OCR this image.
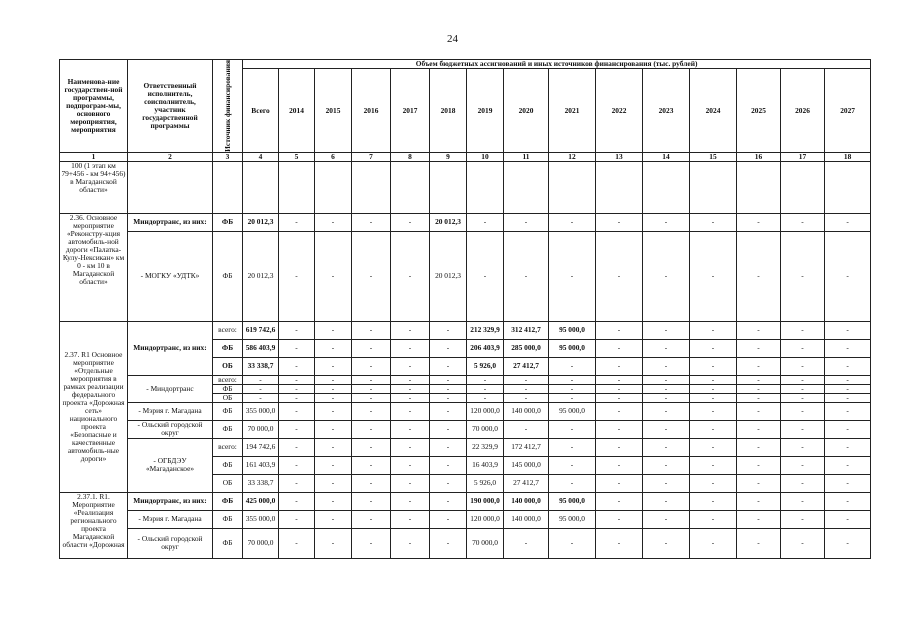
24
Наименова-ние государствен-ной программы, подпрограм-мы, основного мероприятия, мероприятия	Ответственный исполнитель, соисполнитель, участник государственной программы	Источник финансирования	Объем бюджетных ассигнований и иных источников финансирования (тыс. рублей)														
			Всего	2014	2015	2016	2017	2018	2019	2020	2021	2022	2023	2024	2025	2026	2027
1	2	3	4	5	6	7	8	9	10	11	12	13	14	15	16	17	18
100 (1 этап км 79+456 - км 94+456) в Магаданской области»																	
2.36. Основное мероприятие «Реконстру-кция автомобиль-ной дороги «Палатка-Кулу-Нексикан» км 0 - км 10 в Магаданской области»	Миндортранс, из них:	ФБ	20 012,3	-	-	-	-	20 012,3	-	-	-	-	-	-	-	-	-
	- МОГКУ «УДТК»	ФБ	20 012,3	-	-	-	-	20 012,3	-	-	-	-	-	-	-	-	-
2.37. R1 Основное мероприятие «Отдельные мероприятия в рамках реализации федерального проекта «Дорожная сеть» национального проекта «Безопасные и качественные автомобиль-ные дороги»	Миндортранс, из них:	всего:	619 742,6	-	-	-	-	-	212 329,9	312 412,7	95 000,0	-	-	-	-	-	-
		ФБ	586 403,9	-	-	-	-	-	206 403,9	285 000,0	95 000,0	-	-	-	-	-	-
		ОБ	33 338,7	-	-	-	-	-	5 926,0	27 412,7	-	-	-	-	-	-	-
	- Миндортранс	всего:	-	-	-	-	-	-	-	-	-	-	-	-	-	-	-
		ФБ	-	-	-	-	-	-	-	-	-	-	-	-	-	-	-
		ОБ	-	-	-	-	-	-	-	-	-	-	-	-	-	-	-
	- Мэрия г. Магадана	ФБ	355 000,0	-	-	-	-	-	120 000,0	140 000,0	95 000,0	-	-	-	-	-	-
	- Ольский городской округ	ФБ	70 000,0	-	-	-	-	-	70 000,0	-	-	-	-	-	-	-	-
	- ОГБДЭУ «Магаданское»	всего:	194 742,6	-	-	-	-	-	22 329,9	172 412,7	-	-	-	-	-	-	-
		ФБ	161 403,9	-	-	-	-	-	16 403,9	145 000,0	-	-	-	-	-	-	-
		ОБ	33 338,7	-	-	-	-	-	5 926,0	27 412,7	-	-	-	-	-	-	-
2.37.1. R1. Мероприятие «Реализация регионального проекта Магаданской области «Дорожная	Миндортранс, из них:	ФБ	425 000,0	-	-	-	-	-	190 000,0	140 000,0	95 000,0	-	-	-	-	-	-
	- Мэрия г. Магадана	ФБ	355 000,0	-	-	-	-	-	120 000,0	140 000,0	95 000,0	-	-	-	-	-	-
	- Ольский городской округ	ФБ	70 000,0	-	-	-	-	-	70 000,0	-	-	-	-	-	-	-	-
